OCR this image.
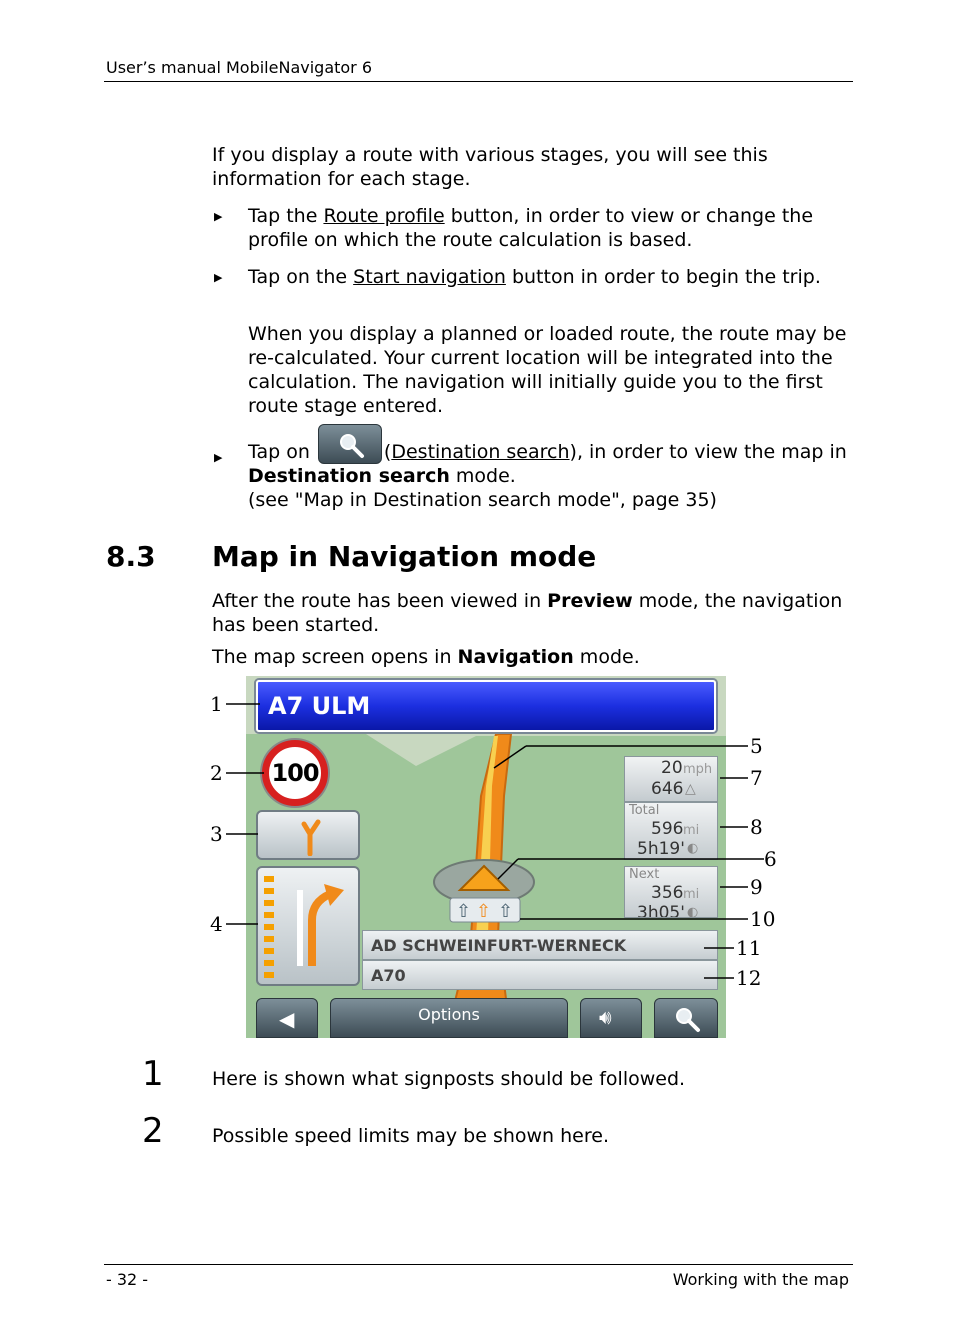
User’s manual MobileNavigator 6

If you display a route with various stages, you will see this information for each stage.

▶ Tap the Route profile button, in order to view or change the profile on which the route calculation is based.

▶ Tap on the Start navigation button in order to begin the trip.

When you display a planned or loaded route, the route may be re-calculated. Your current location will be integrated into the calculation. The navigation will initially guide you to the first route stage entered.

▶ Tap on	(Destination search), in order to view the map in Destination search mode.
(see "Map in Destination search mode", page 35)

8.3 Map in Navigation mode

After the route has been viewed in Preview mode, the navigation has been started.

The map screen opens in Navigation mode.

⇧ ⇧ ⇧
A7 ULM
100	20 mph
646 △
Total
596 mi
5h19' ◐
Next
356 mi
3h05' ◐
AD SCHWEINFURT-WERNECK
A70
◀	Options	🔊︎
1
2
3
4
5
6
7
8
9
10
11
12
1	Here is shown what signposts should be followed.

2	Possible speed limits may be shown here.

- 32 -	Working with the map
